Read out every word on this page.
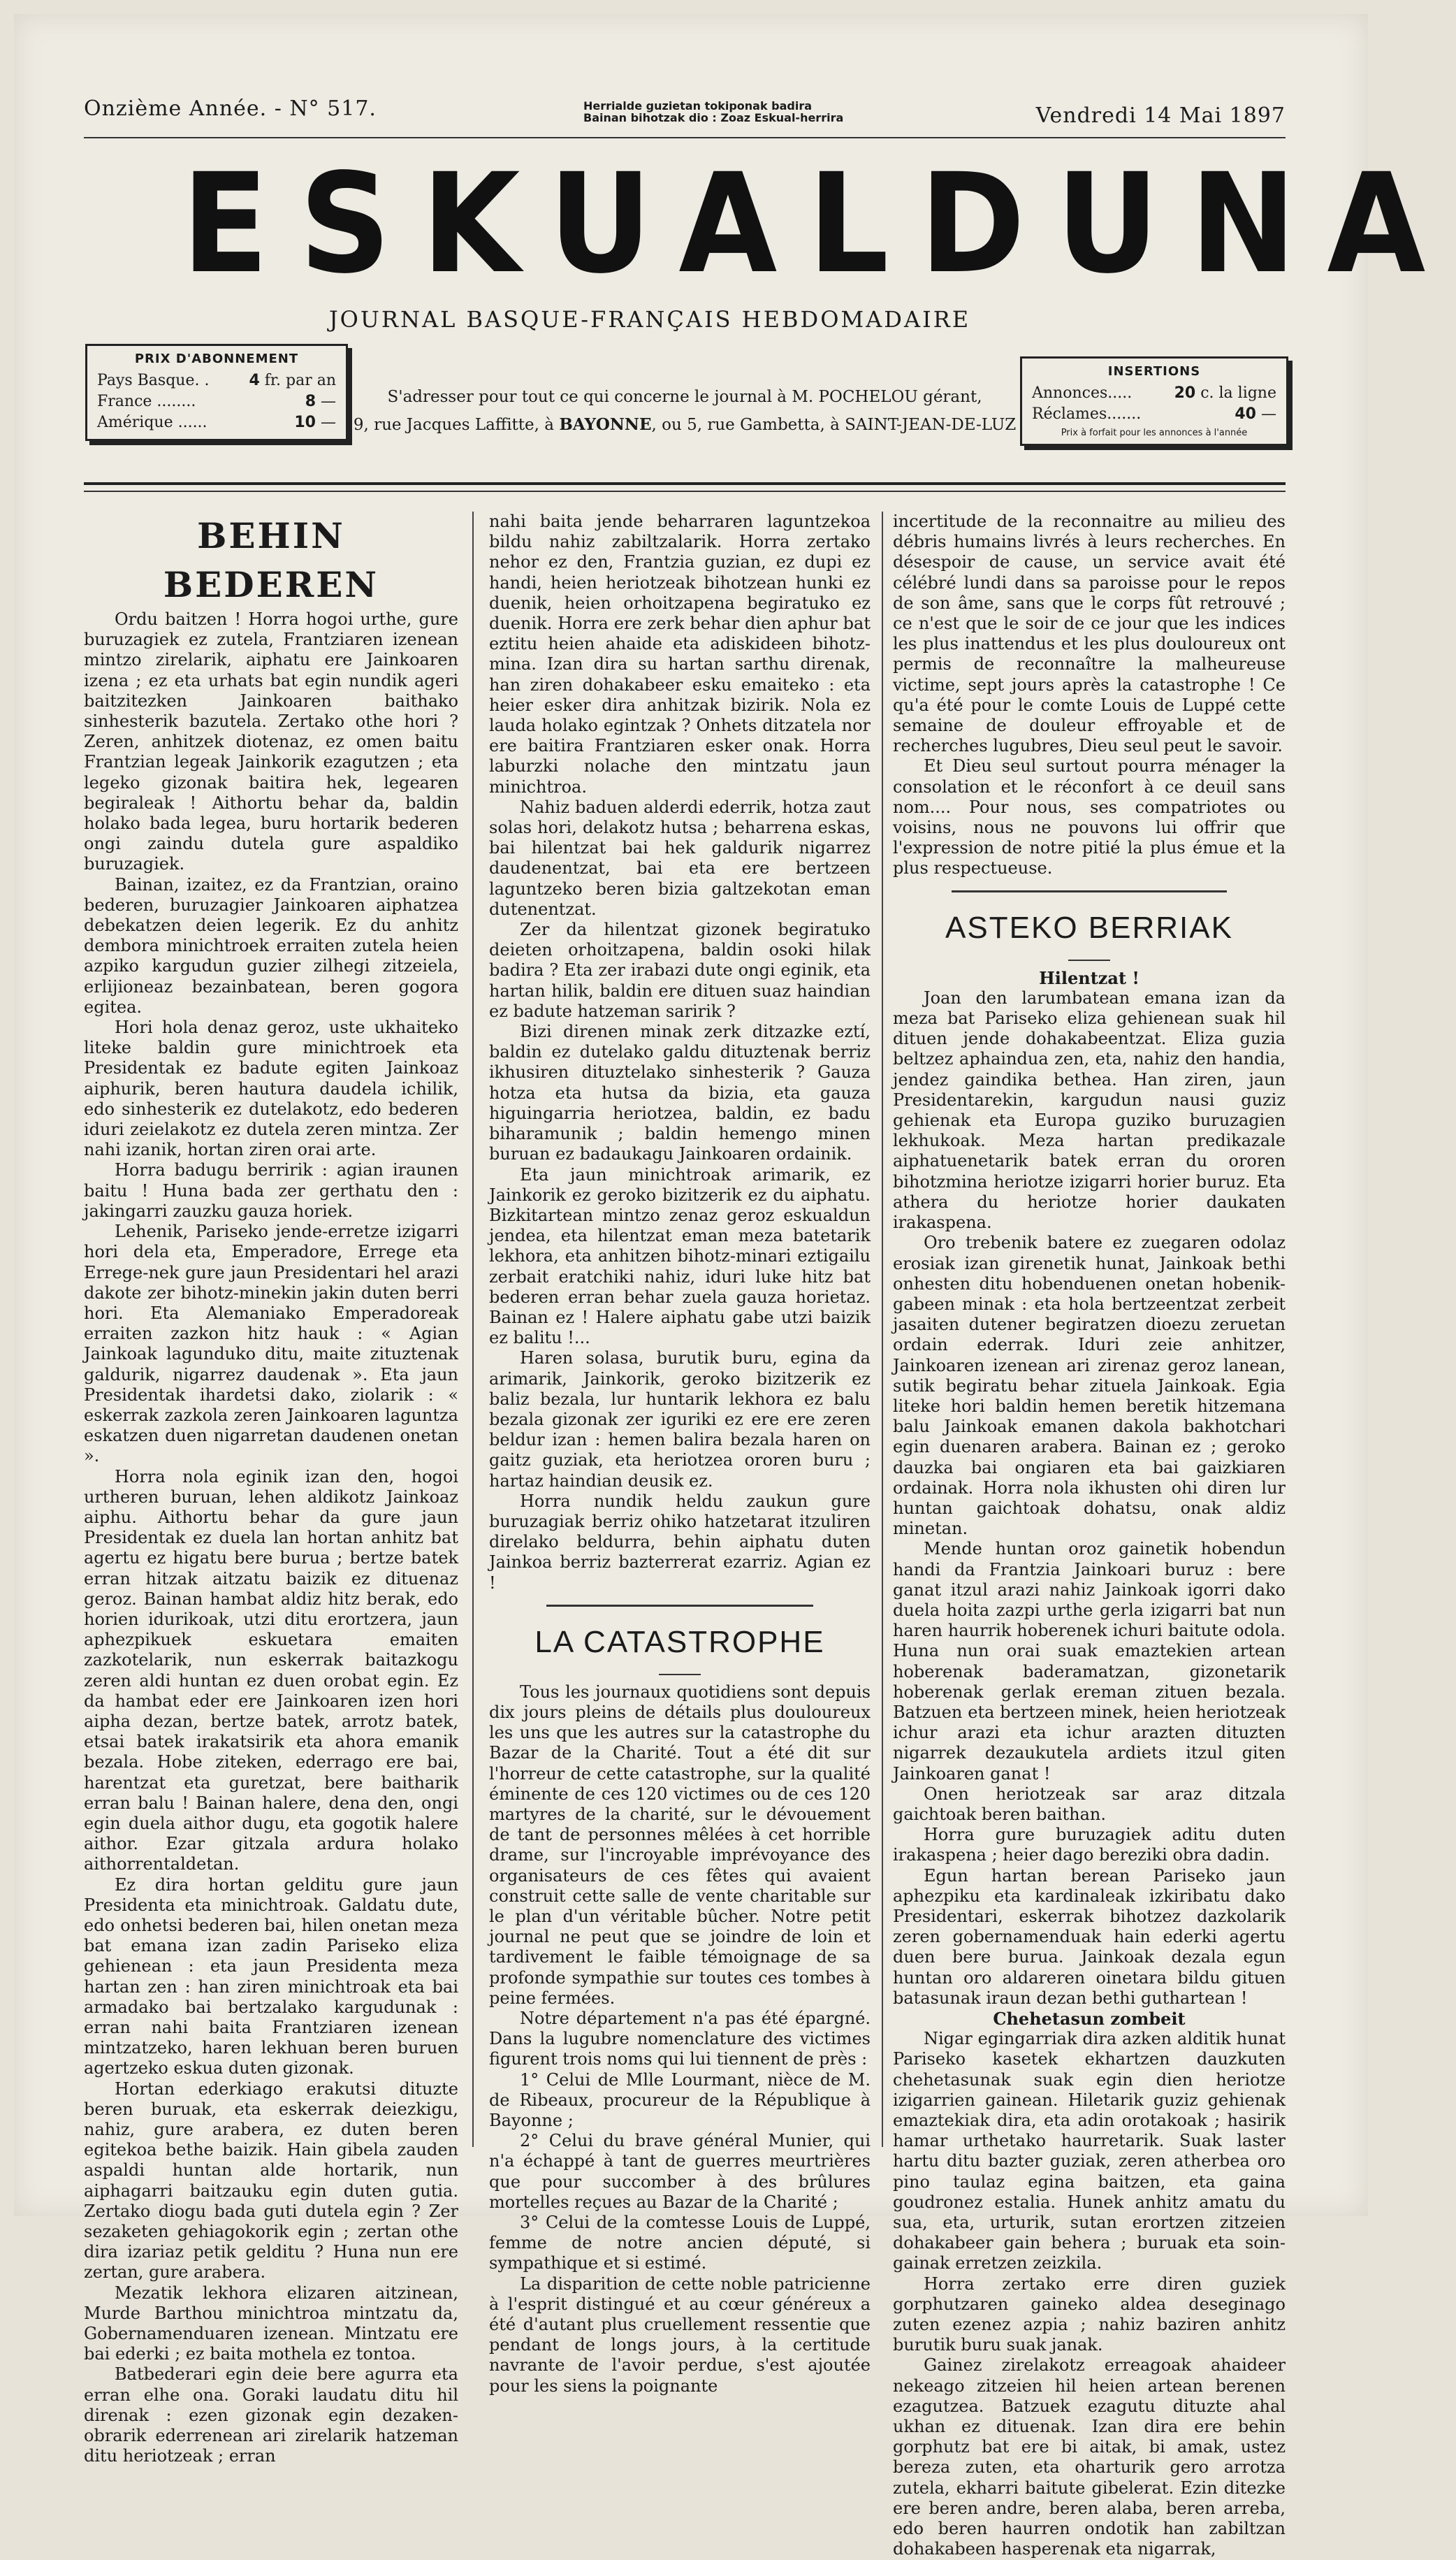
Onzième Année. - N° 517.	Herrialde guzietan tokiponak badira
Bainan bihotzak dio : Zoaz Eskual-herrira	Vendredi 14 Mai 1897
ESKUALDUNA
JOURNAL BASQUE-FRANÇAIS HEBDOMADAIRE
PRIX D'ABONNEMENT
Pays Basque. .	4 fr. par an
France ........	8 —
Amérique ......	10 —
S'adresser pour tout ce qui concerne le journal à M. POCHELOU gérant,
9, rue Jacques Laffitte, à BAYONNE, ou 5, rue Gambetta, à SAINT-JEAN-DE-LUZ
INSERTIONS
Annonces.....	20 c. la ligne
Réclames.......	40 —
Prix à forfait pour les annonces à l'année

BEHIN BEDEREN

Ordu baitzen ! Horra hogoi urthe, gure buruzagiek ez zutela, Frantziaren izenean mintzo zirelarik, aiphatu ere Jainkoaren izena ; ez eta urhats bat egin nundik ageri baitzitezken Jainkoaren baithako sinhesterik bazutela. Zertako othe hori ? Zeren, anhitzek diotenaz, ez omen baitu Frantzian legeak Jainkorik ezagutzen ; eta legeko gizonak baitira hek, legearen begiraleak ! Aithortu behar da, baldin holako bada legea, buru hortarik bederen ongi zaindu dutela gure aspaldiko buruzagiek.

Bainan, izaitez, ez da Frantzian, oraino bederen, buruzagier Jainkoaren aiphatzea debekatzen deien legerik. Ez du anhitz dembora minichtroek erraiten zutela heien azpiko kargudun guzier zilhegi zitzeiela, erlijioneaz bezainbatean, beren gogora egitea.

Hori hola denaz geroz, uste ukhaiteko liteke baldin gure minichtroek eta Presidentak ez badute egiten Jainkoaz aiphurik, beren hautura daudela ichilik, edo sinhesterik ez dutelakotz, edo bederen iduri zeielakotz ez dutela zeren mintza. Zer nahi izanik, hortan ziren orai arte.

Horra badugu berririk : agian iraunen baitu ! Huna bada zer gerthatu den : jakingarri zauzku gauza horiek.

Lehenik, Pariseko jende-erretze izigarri hori dela eta, Emperadore, Errege eta Errege-nek gure jaun Presidentari hel arazi dakote zer bihotz-minekin jakin duten berri hori. Eta Alemaniako Emperadoreak erraiten zazkon hitz hauk : « Agian Jainkoak lagunduko ditu, maite zituztenak galdurik, nigarrez daudenak ». Eta jaun Presidentak ihardetsi dako, ziolarik : « eskerrak zazkola zeren Jainkoaren laguntza eskatzen duen nigarretan daudenen onetan ».

Horra nola eginik izan den, hogoi urtheren buruan, lehen aldikotz Jainkoaz aiphu. Aithortu behar da gure jaun Presidentak ez duela lan hortan anhitz bat agertu ez higatu bere burua ; bertze batek erran hitzak aitzatu baizik ez dituenaz geroz. Bainan hambat aldiz hitz berak, edo horien idurikoak, utzi ditu erortzera, jaun aphezpikuek eskuetara emaiten zazkotelarik, nun eskerrak baitazkogu zeren aldi huntan ez duen orobat egin. Ez da hambat eder ere Jainkoaren izen hori aipha dezan, bertze batek, arrotz batek, etsai batek irakatsirik eta ahora emanik bezala. Hobe ziteken, ederrago ere bai, harentzat eta guretzat, bere baitharik erran balu ! Bainan halere, dena den, ongi egin duela aithor dugu, eta gogotik halere aithor. Ezar gitzala ardura holako aithorrentaldetan.

Ez dira hortan gelditu gure jaun Presidenta eta minichtroak. Galdatu dute, edo onhetsi bederen bai, hilen onetan meza bat emana izan zadin Pariseko eliza gehienean : eta jaun Presidenta meza hartan zen : han ziren minichtroak eta bai armadako bai bertzalako kargudunak : erran nahi baita Frantziaren izenean mintzatzeko, haren lekhuan beren buruen agertzeko eskua duten gizonak.

Hortan ederkiago erakutsi dituzte beren buruak, eta eskerrak deiezkigu, nahiz, gure araberа, ez duten beren egitekoa bethe baizik. Hain gibela zauden aspaldi huntan alde hortarik, nun aiphagarri baitzauku egin duten gutia. Zertako diogu bada guti dutela egin ? Zer sezaketen gehiagokorik egin ; zertan othe dira izariaz petik gelditu ? Huna nun ere zertan, gure araberа.

Mezatik lekhora elizaren aitzinean, Murde Barthou minichtroa mintzatu da, Gobernamenduaren izenean. Mintzatu ere bai ederki ; ez baita mothela ez tontoa.

Batbederari egin deie bere agurra eta erran elhe ona. Goraki laudatu ditu hil direnak : ezen gizonak egin dezaken-obrarik ederrenean ari zirelarik hatzeman ditu heriotzeak ; erran

nahi baita jende beharraren laguntzekoa bildu nahiz zabiltzalarik. Horra zertako nehor ez den, Frantzia guzian, ez dupi ez handi, heien heriotzeak bihotzean hunki ez duenik, heien orhoitzapena begiratuko ez duenik. Horra ere zerk behar dien aphur bat eztitu heien ahaide eta adiskideen bihotz-mina. Izan dira su hartan sarthu direnak, han ziren dohakabeer esku emaiteko : eta heier esker dira anhitzak bizirik. Nola ez lauda holako egintzak ? Onhets ditzatela nor ere baitira Frantziaren esker onak. Horra laburzki nolache den mintzatu jaun minichtroa.

Nahiz baduen alderdi ederrik, hotza zaut solas hori, delakotz hutsa ; beharrena eskas, bai hilentzat bai hek galdurik nigarrez daudenentzat, bai eta ere bertzeen laguntzeko beren bizia galtzekotan eman dutenentzat.

Zer da hilentzat gizonek begiratuko deieten orhoitzapena, baldin osoki hilak badira ? Eta zer irabazi dute ongi eginik, eta hartan hilik, baldin ere dituen suaz haindian ez badute hatzeman saririk ?

Bizi direnen minak zerk ditzazke eztí, baldin ez dutelako galdu dituztenak berriz ikhusiren dituztelako sinhesterik ? Gauza hotza eta hutsa da bizia, eta gauza higuingarria heriotzea, baldin, ez badu biharamunik ; baldin hemengo minen buruan ez badaukagu Jainkoaren ordainik.

Eta jaun minichtroak arimarik, ez Jainkorik ez geroko bizitzerik ez du aiphatu. Bizkitartean mintzo zenaz geroz eskualdun jendea, eta hilentzat eman meza batetarik lekhora, eta anhitzen bihotz-minari eztigailu zerbait eratchiki nahiz, iduri luke hitz bat bederen erran behar zuela gauza horietaz. Bainan ez ! Halere aiphatu gabe utzi baizik ez balitu !...

Haren solasa, burutik buru, egina da arimarik, Jainkorik, geroko bizitzerik ez baliz bezala, lur huntarik lekhora ez balu bezala gizonak zer iguriki ez ere ere zeren beldur izan : hemen balira bezala haren on gaitz guziak, eta heriotzea ororen buru ; hartaz haindian deusik ez.

Horra nundik heldu zaukun gure buruzagiak berriz ohiko hatzetarat itzuliren direlako beldurra, behin aiphatu duten Jainkoa berriz bazterrerat ezarriz. Agian ez !

LA CATASTROPHE

Tous les journaux quotidiens sont depuis dix jours pleins de détails plus douloureux les uns que les autres sur la catastrophe du Bazar de la Charité. Tout a été dit sur l'horreur de cette catastrophe, sur la qualité éminente de ces 120 victimes ou de ces 120 martyres de la charité, sur le dévouement de tant de personnes mêlées à cet horrible drame, sur l'incroyable imprévoyance des organisateurs de ces fêtes qui avaient construit cette salle de vente charitable sur le plan d'un véritable bûcher. Notre petit journal ne peut que se joindre de loin et tardivement le faible témoignage de sa profonde sympathie sur toutes ces tombes à peine fermées.

Notre département n'a pas été épargné. Dans la lugubre nomenclature des victimes figurent trois noms qui lui tiennent de près :

1° Celui de Mlle Lourmant, nièce de M. de Ribeaux, procureur de la République à Bayonne ;

2° Celui du brave général Munier, qui n'a échappé à tant de guerres meurtrières que pour succomber à des brûlures mortelles reçues au Bazar de la Charité ;

3° Celui de la comtesse Louis de Luppé, femme de notre ancien député, si sympathique et si estimé.

La disparition de cette noble patricienne à l'esprit distingué et au cœur généreux a été d'autant plus cruellement ressentie que pendant de longs jours, à la certitude navrante de l'avoir perdue, s'est ajoutée pour les siens la poignante

incertitude de la reconnaitre au milieu des débris humains livrés à leurs recherches. En désespoir de cause, un service avait été célébré lundi dans sa paroisse pour le repos de son âme, sans que le corps fût retrouvé ; ce n'est que le soir de ce jour que les indices les plus inattendus et les plus douloureux ont permis de reconnaître la malheureuse victime, sept jours après la catastrophe ! Ce qu'a été pour le comte Louis de Luppé cette semaine de douleur effroyable et de recherches lugubres, Dieu seul peut le savoir.

Et Dieu seul surtout pourra ménager la consolation et le réconfort à ce deuil sans nom.... Pour nous, ses compatriotes ou voisins, nous ne pouvons lui offrir que l'expression de notre pitié la plus émue et la plus respectueuse.

ASTEKO BERRIAK

Hilentzat !

Joan den larumbatean emana izan da meza bat Pariseko eliza gehienean suak hil dituen jende dohakabeentzat. Eliza guzia beltzez aphaindua zen, eta, nahiz den handia, jendez gaindika bethea. Han ziren, jaun Presidentarekin, kargudun nausi guziz gehienak eta Europa guziko buruzagien lekhukoak. Meza hartan predikazale aiphatuenetarik batek erran du ororen bihotzmina heriotze izigarri horier buruz. Eta athera du heriotze horier daukaten irakaspena.

Oro trebenik batere ez zuegaren odolaz erosiak izan girenetik hunat, Jainkoak bethi onhesten ditu hobenduenen onetan hobenik-gabeen minak : eta hola bertzeentzat zerbeit jasaiten dutener begiratzen dioezu zeruetan ordain ederrak. Iduri zeie anhitzer, Jainkoaren izenean ari zirenaz geroz lanean, sutik begiratu behar zituela Jainkoak. Egia liteke hori baldin hemen beretik hitzemana balu Jainkoak emanen dakola bakhotchari egin duenaren araberа. Bainan ez ; geroko dauzka bai ongiaren eta bai gaizkiaren ordainak. Horra nola ikhusten ohi diren lur huntan gaichtoak dohatsu, onak aldiz minetan.

Mende huntan oroz gainetik hobendun handi da Frantzia Jainkoari buruz : bere ganat itzul arazi nahiz Jainkoak igorri dako duela hoita zazpi urthe gerla izigarri bat nun haren haurrik hoberenek ichuri baitute odola. Huna nun orai suak emaztekien artean hoberenak baderamatzan, gizonetarik hoberenak gerlak ereman zituen bezala. Batzuen eta bertzeen minek, heien heriotzeak ichur arazi eta ichur arazten dituzten nigarrek dezaukutela ardiets itzul giten Jainkoaren ganat !

Onen heriotzeak sar araz ditzala gaichtoak beren baithan.

Horra gure buruzagiek aditu duten irakaspena ; heier dago bereziki obra dadin.

Egun hartan berean Pariseko jaun aphezpiku eta kardinaleak izkiribatu dako Presidentari, eskerrak bihotzez dazkolarik zeren gobernamenduak hain ederki agertu duen bere burua. Jainkoak dezala egun huntan oro aldareren oinetara bildu gituen batasunak iraun dezan bethi guthartean !

Chehetasun zombeit

Nigar egingarriak dira azken alditik hunat Pariseko kasetek ekhartzen dauzkuten chehetasunak suak egin dien heriotze izigarrien gainean. Hiletarik guziz gehienak emaztekiak dira, eta adin orotakoak ; hasirik hamar urthetako haurretarik. Suak laster hartu ditu bazter guziak, zeren atherbea oro pino taulaz egina baitzen, eta gaina goudronez estalia. Hunek anhitz amatu du sua, eta, urturik, sutan erortzen zitzeien dohakabeer gain behera ; buruak eta soin-gainak erretzen zeizkila.

Horra zertako erre diren guziek gorphutzaren gaineko aldea deseginago zuten ezenez azpia ; nahiz baziren anhitz burutik buru suak janak.

Gainez zirelakotz erreagoak ahaideer nekeago zitzeien hil heien artean berenen ezagutzea. Batzuek ezagutu dituzte ahal ukhan ez dituenak. Izan dira ere behin gorphutz bat ere bi aitak, bi amak, ustez bereza zuten, eta oharturik gero arrotza zutela, ekharri baitute gibelerat. Ezin ditezke ere beren andre, beren alaba, beren arreba, edo beren haurren ondotik han zabiltzan dohakabeen hasperenak eta nigarrak,
